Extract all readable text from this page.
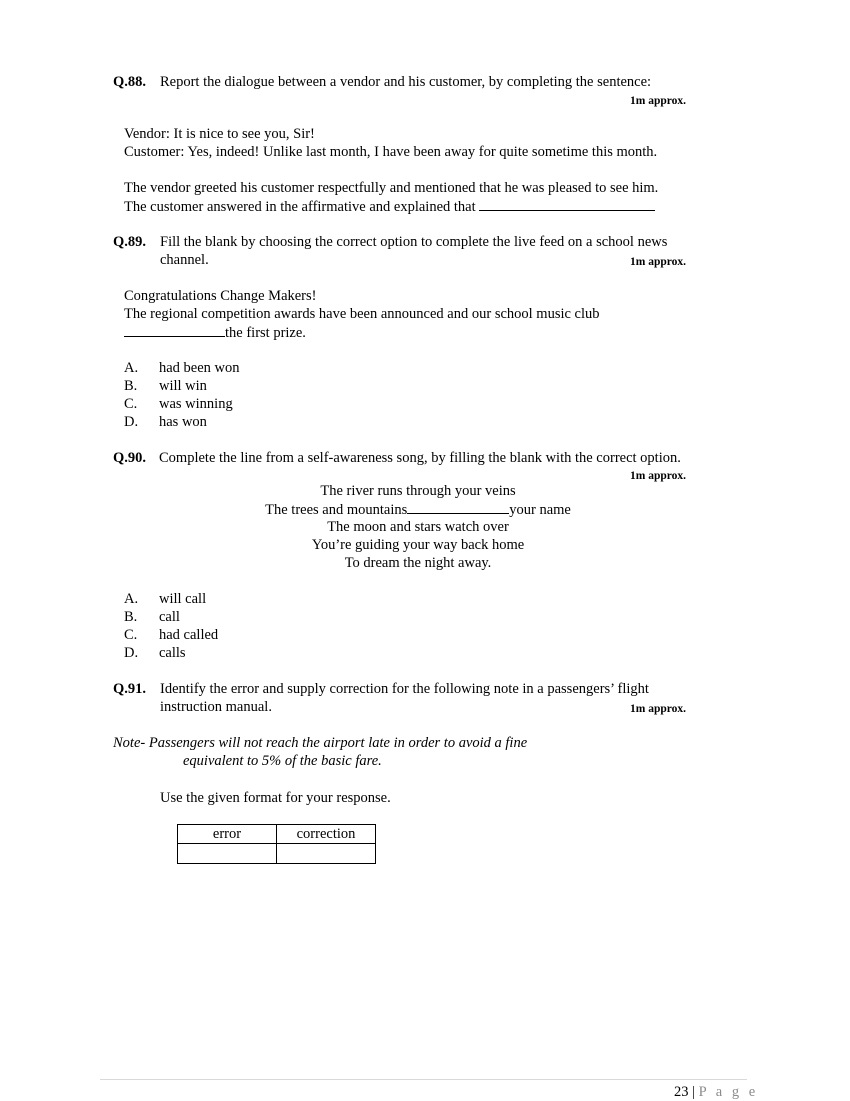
Q.88. Report the dialogue between a vendor and his customer, by completing the sentence:
1m approx.
Vendor: It is nice to see you, Sir!
Customer: Yes, indeed! Unlike last month, I have been away for quite sometime this month.
The vendor greeted his customer respectfully and mentioned that he was pleased to see him.
The customer answered in the affirmative and explained that
Q.89. Fill the blank by choosing the correct option to complete the live feed on a school news
channel.	1m approx.
Congratulations Change Makers!
The regional competition awards have been announced and our school music club
the first prize.
A. had been won
B. will win
C. was winning
D. has won
Q.90. Complete the line from a self-awareness song, by filling the blank with the correct option.
1m approx.
The river runs through your veins
The trees and mountains	your name
The moon and stars watch over
You’re guiding your way back home
To dream the night away.
A. will call
B. call
C. had called
D. calls
Q.91. Identify the error and supply correction for the following note in a passengers’ flight
instruction manual.	1m approx.
Note- Passengers will not reach the airport late in order to avoid a fine
equivalent to 5% of the basic fare.
Use the given format for your response.
error	correction

23 | P a g e
